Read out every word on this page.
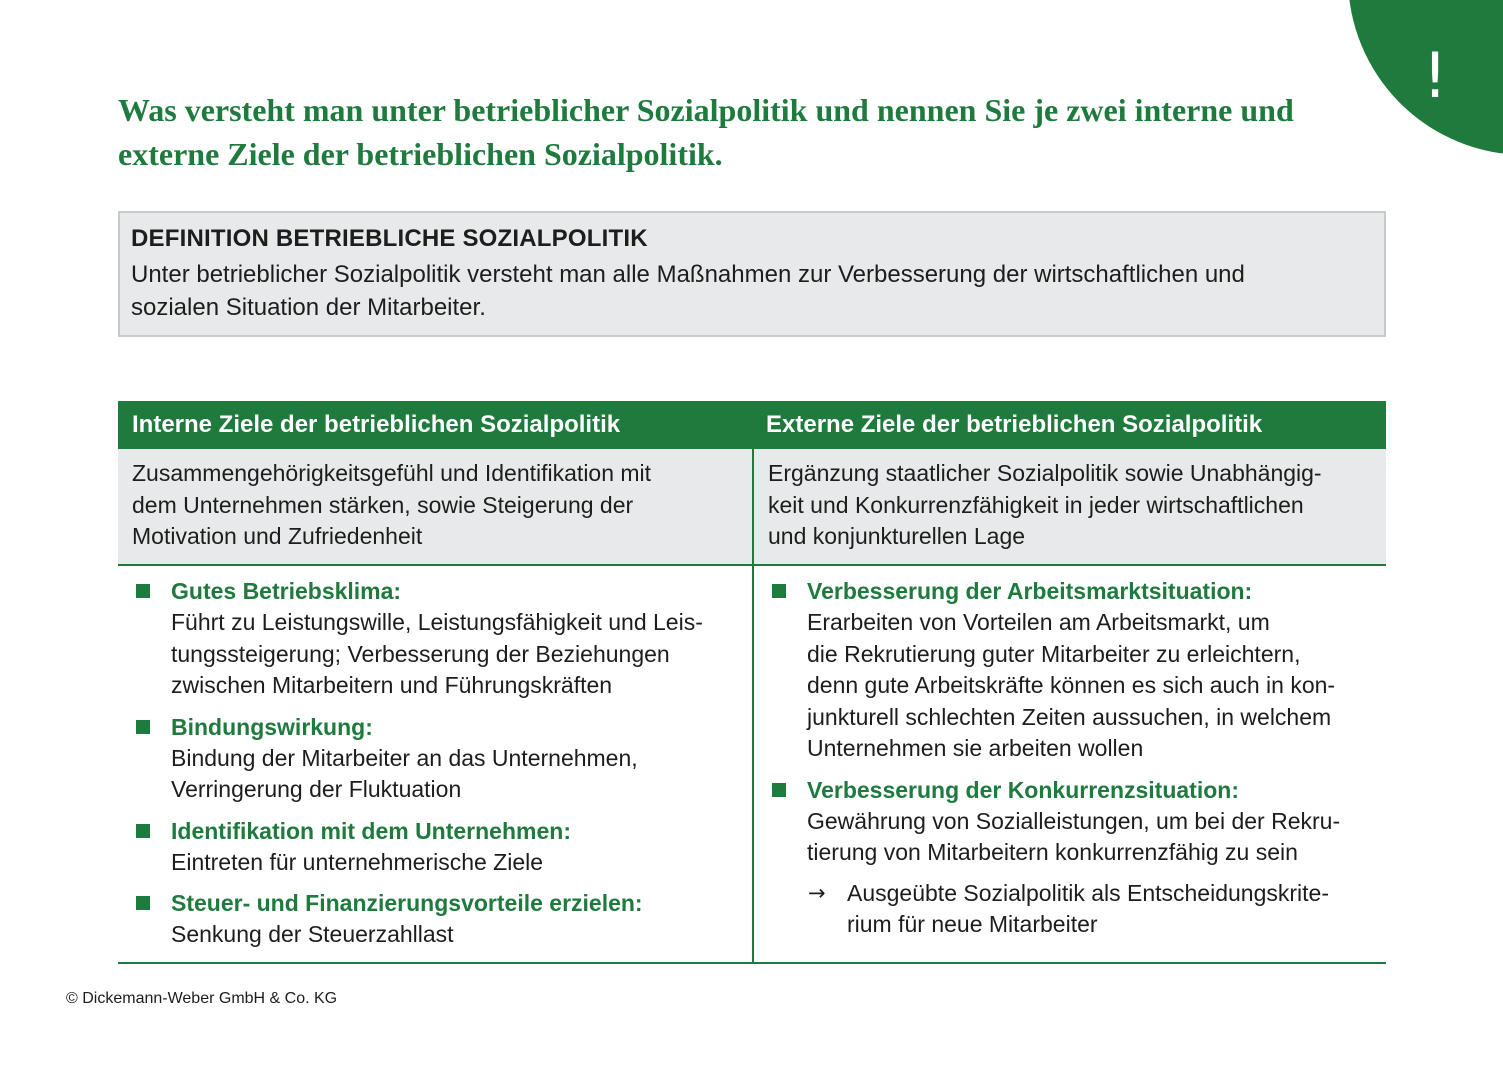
!
Was versteht man unter betrieblicher Sozialpolitik und nennen Sie je zwei interne und
externe Ziele der betrieblichen Sozialpolitik.
DEFINITION BETRIEBLICHE SOZIALPOLITIK
Unter betrieblicher Sozialpolitik versteht man alle Maßnahmen zur Verbesserung der wirtschaftlichen und
sozialen Situation der Mitarbeiter.
Interne Ziele der betrieblichen Sozialpolitik	Externe Ziele der betrieblichen Sozialpolitik
Zusammengehörigkeitsgefühl und Identifikation mit
dem Unternehmen stärken, sowie Steigerung der
Motivation und Zufriedenheit
Ergänzung staatlicher Sozialpolitik sowie Unabhängig-
keit und Konkurrenzfähigkeit in jeder wirtschaftlichen
und konjunkturellen Lage
Gutes Betriebsklima:
Führt zu Leistungswille, Leistungsfähigkeit und Leis-
tungssteigerung; Verbesserung der Beziehungen
zwischen Mitarbeitern und Führungskräften
Bindungswirkung:
Bindung der Mitarbeiter an das Unternehmen,
Verringerung der Fluktuation
Identifikation mit dem Unternehmen:
Eintreten für unternehmerische Ziele
Steuer- und Finanzierungsvorteile erzielen:
Senkung der Steuerzahllast
Verbesserung der Arbeitsmarktsituation:
Erarbeiten von Vorteilen am Arbeitsmarkt, um
die Rekrutierung guter Mitarbeiter zu erleichtern,
denn gute Arbeitskräfte können es sich auch in kon-
junkturell schlechten Zeiten aussuchen, in welchem
Unternehmen sie arbeiten wollen
Verbesserung der Konkurrenzsituation:
Gewährung von Sozialleistungen, um bei der Rekru-
tierung von Mitarbeitern konkurrenzfähig zu sein
→ Ausgeübte Sozialpolitik als Entscheidungskrite-
rium für neue Mitarbeiter
© Dickemann-Weber GmbH & Co. KG
